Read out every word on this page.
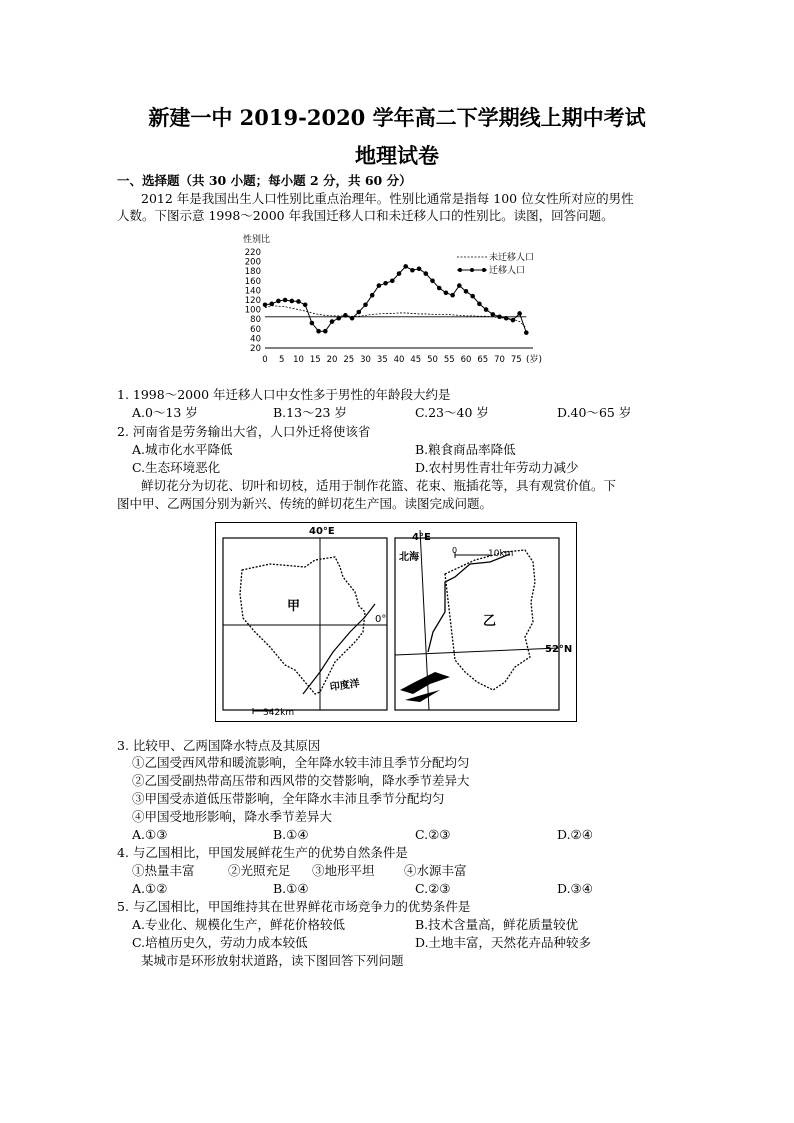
新建一中 2019-2020 学年高二下学期线上期中考试
地理试卷
一、选择题（共 30 小题；每小题 2 分，共 60 分）
2012 年是我国出生人口性别比重点治理年。性别比通常是指每 100 位女性所对应的男性
人数。下图示意 1998～2000 年我国迁移人口和未迁移人口的性别比。读图，回答问题。
性别比
20
40
60
80
100
120
140
160
180
200
220
0 5 10 15 20 25 30 35 40 45 50 55 60 65 70 75 (岁)
未迁移人口
迁移人口
1. 1998～2000 年迁移人口中女性多于男性的年龄段大约是
A.0～13 岁	B.13～23 岁	C.23～40 岁	D.40～65 岁
2. 河南省是劳务输出大省，人口外迁将使该省
A.城市化水平降低	B.粮食商品率降低
C.生态环境恶化	D.农村男性青壮年劳动力减少
鲜切花分为切花、切叶和切枝，适用于制作花篮、花束、瓶插花等，具有观赏价值。下
图中甲、乙两国分别为新兴、传统的鲜切花生产国。读图完成问题。
40°E
0°
甲
印度洋
342km
4°E
北海
52°N
乙
0	10km
3. 比较甲、乙两国降水特点及其原因
①乙国受西风带和暖流影响，全年降水较丰沛且季节分配均匀
②乙国受副热带高压带和西风带的交替影响，降水季节差异大
③甲国受赤道低压带影响，全年降水丰沛且季节分配均匀
④甲国受地形影响，降水季节差异大
A.①③	B.①④	C.②③	D.②④
4. 与乙国相比，甲国发展鲜花生产的优势自然条件是
①热量丰富	②光照充足 ③地形平坦 ④水源丰富
A.①②	B.①④	C.②③	D.③④
5. 与乙国相比，甲国维持其在世界鲜花市场竞争力的优势条件是
A.专业化、规模化生产，鲜花价格较低	B.技术含量高，鲜花质量较优
C.培植历史久，劳动力成本较低	D.土地丰富，天然花卉品种较多
某城市是环形放射状道路，读下图回答下列问题
